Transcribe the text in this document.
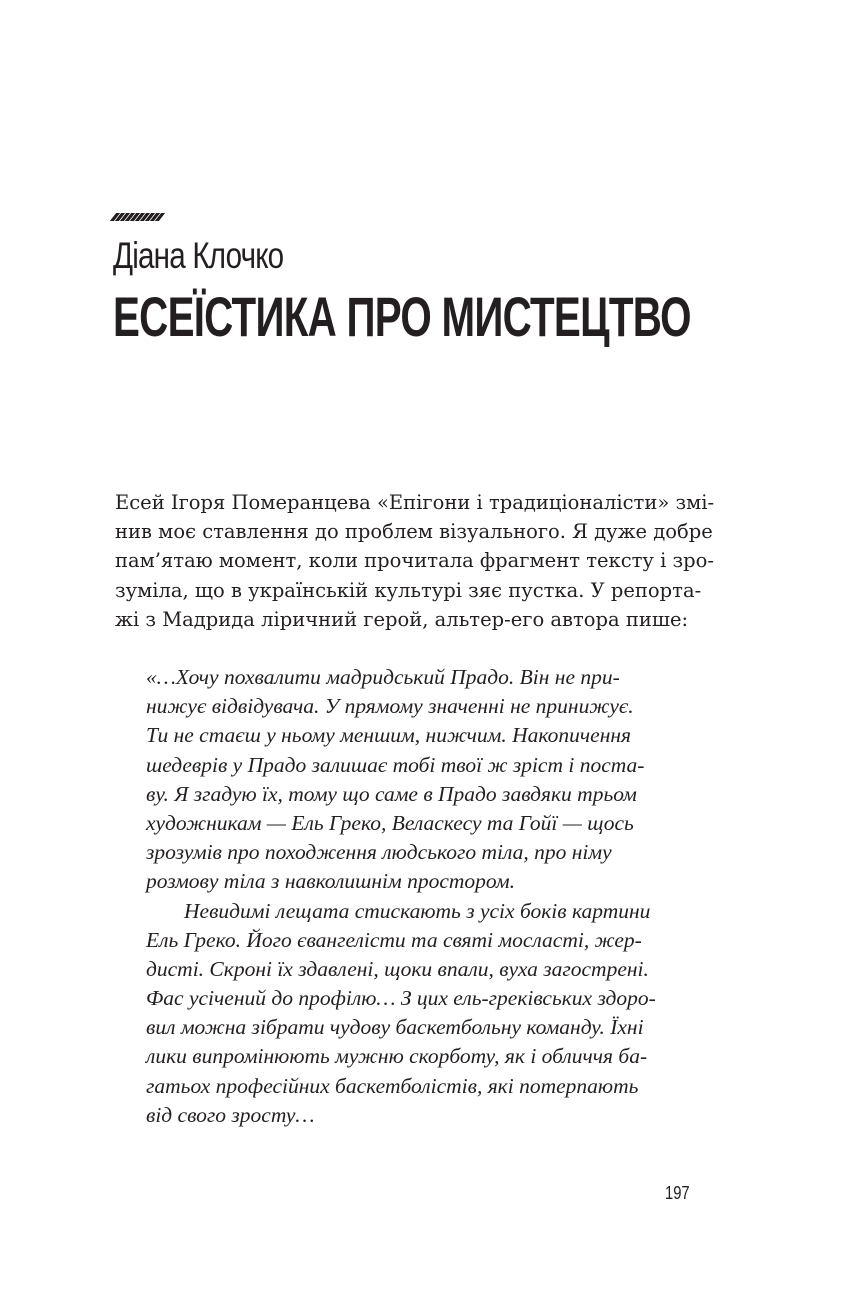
Діана Клочко
ЕСЕЇСТИКА ПРО МИСТЕЦТВО
Есей Ігоря Померанцева «Епігони і традиціоналісти» змі-
нив моє ставлення до проблем візуального. Я дуже добре
пам’ятаю момент, коли прочитала фрагмент тексту і зро-
зуміла, що в українській культурі зяє пустка. У репорта-
жі з Мадрида ліричний герой, альтер-его автора пише:
«…Хочу похвалити мадридський Прадо. Він не при-
нижує відвідувача. У прямому значенні не принижує.
Ти не стаєш у ньому меншим, нижчим. Накопичення
шедеврів у Прадо залишає тобі твої ж зріст і поста-
ву. Я згадую їх, тому що саме в Прадо завдяки трьом
художникам — Ель Греко, Веласкесу та Гойї — щось
зрозумів про походження людського тіла, про німу
розмову тіла з навколишнім простором.
Невидимі лещата стискають з усіх боків картини
Ель Греко. Його євангелісти та святі мосласті, жер-
дисті. Скроні їх здавлені, щоки впали, вуха загострені.
Фас усічений до профілю… З цих ель-греківських здоро-
вил можна зібрати чудову баскетбольну команду. Їхні
лики випромінюють мужню скорботу, як і обличчя ба-
гатьох професійних баскетболістів, які потерпають
від свого зросту…
197
